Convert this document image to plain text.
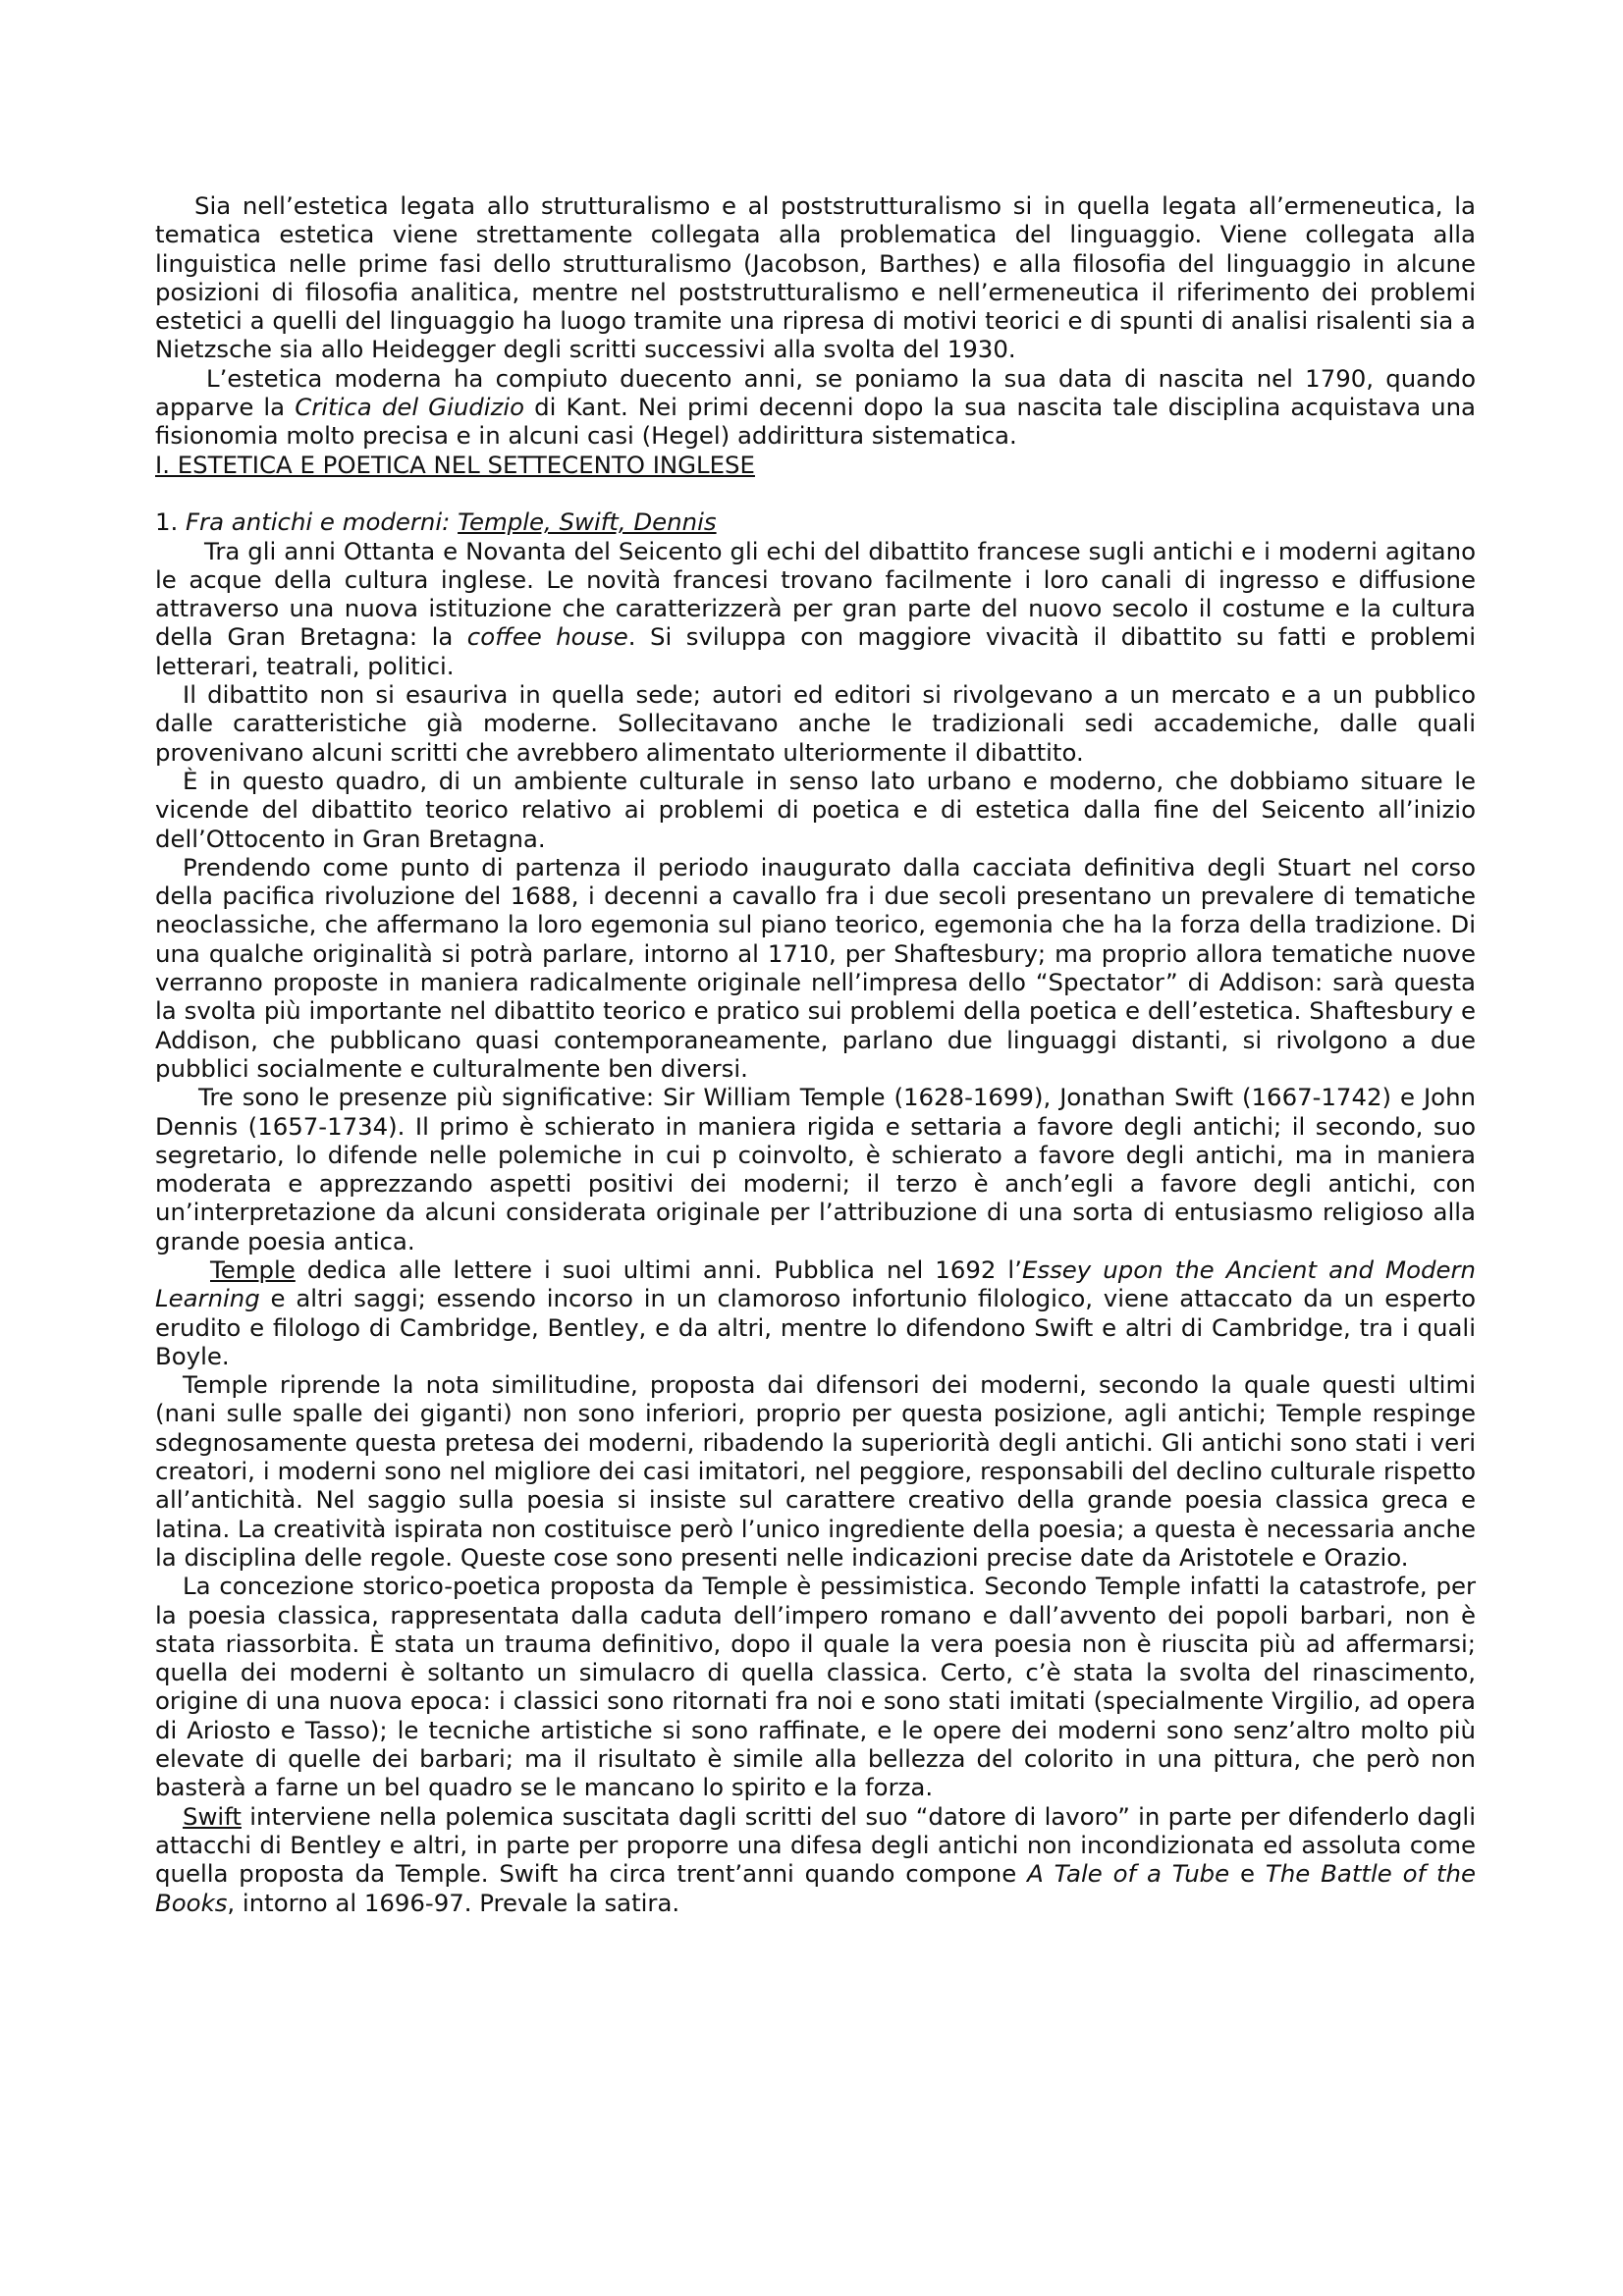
Sia nell’estetica legata allo strutturalismo e al poststrutturalismo si in quella legata all’ermeneutica, la tematica estetica viene strettamente collegata alla problematica del linguaggio. Viene collegata alla linguistica nelle prime fasi dello strutturalismo (Jacobson, Barthes) e alla filosofia del linguaggio in alcune posizioni di filosofia analitica, mentre nel poststrutturalismo e nell’ermeneutica il riferimento dei problemi estetici a quelli del linguaggio ha luogo tramite una ripresa di motivi teorici e di spunti di analisi risalenti sia a Nietzsche sia allo Heidegger degli scritti successivi alla svolta del 1930.

L’estetica moderna ha compiuto duecento anni, se poniamo la sua data di nascita nel 1790, quando apparve la Critica del Giudizio di Kant. Nei primi decenni dopo la sua nascita tale disciplina acquistava una fisionomia molto precisa e in alcuni casi (Hegel) addirittura sistematica.

I. ESTETICA E POETICA NEL SETTECENTO INGLESE

1. Fra antichi e moderni: Temple, Swift, Dennis

Tra gli anni Ottanta e Novanta del Seicento gli echi del dibattito francese sugli antichi e i moderni agitano le acque della cultura inglese. Le novità francesi trovano facilmente i loro canali di ingresso e diffusione attraverso una nuova istituzione che caratterizzerà per gran parte del nuovo secolo il costume e la cultura della Gran Bretagna: la coffee house. Si sviluppa con maggiore vivacità il dibattito su fatti e problemi letterari, teatrali, politici.

Il dibattito non si esauriva in quella sede; autori ed editori si rivolgevano a un mercato e a un pubblico dalle caratteristiche già moderne. Sollecitavano anche le tradizionali sedi accademiche, dalle quali provenivano alcuni scritti che avrebbero alimentato ulteriormente il dibattito.

È in questo quadro, di un ambiente culturale in senso lato urbano e moderno, che dobbiamo situare le vicende del dibattito teorico relativo ai problemi di poetica e di estetica dalla fine del Seicento all’inizio dell’Ottocento in Gran Bretagna.

Prendendo come punto di partenza il periodo inaugurato dalla cacciata definitiva degli Stuart nel corso della pacifica rivoluzione del 1688, i decenni a cavallo fra i due secoli presentano un prevalere di tematiche neoclassiche, che affermano la loro egemonia sul piano teorico, egemonia che ha la forza della tradizione. Di una qualche originalità si potrà parlare, intorno al 1710, per Shaftesbury; ma proprio allora tematiche nuove verranno proposte in maniera radicalmente originale nell’impresa dello “Spectator” di Addison: sarà questa la svolta più importante nel dibattito teorico e pratico sui problemi della poetica e dell’estetica. Shaftesbury e Addison, che pubblicano quasi contemporaneamente, parlano due linguaggi distanti, si rivolgono a due pubblici socialmente e culturalmente ben diversi.

Tre sono le presenze più significative: Sir William Temple (1628-1699), Jonathan Swift (1667-1742) e John Dennis (1657-1734). Il primo è schierato in maniera rigida e settaria a favore degli antichi; il secondo, suo segretario, lo difende nelle polemiche in cui p coinvolto, è schierato a favore degli antichi, ma in maniera moderata e apprezzando aspetti positivi dei moderni; il terzo è anch’egli a favore degli antichi, con un’interpretazione da alcuni considerata originale per l’attribuzione di una sorta di entusiasmo religioso alla grande poesia antica.

Temple dedica alle lettere i suoi ultimi anni. Pubblica nel 1692 l’Essey upon the Ancient and Modern Learning e altri saggi; essendo incorso in un clamoroso infortunio filologico, viene attaccato da un esperto erudito e filologo di Cambridge, Bentley, e da altri, mentre lo difendono Swift e altri di Cambridge, tra i quali Boyle.

Temple riprende la nota similitudine, proposta dai difensori dei moderni, secondo la quale questi ultimi (nani sulle spalle dei giganti) non sono inferiori, proprio per questa posizione, agli antichi; Temple respinge sdegnosamente questa pretesa dei moderni, ribadendo la superiorità degli antichi. Gli antichi sono stati i veri creatori, i moderni sono nel migliore dei casi imitatori, nel peggiore, responsabili del declino culturale rispetto all’antichità. Nel saggio sulla poesia si insiste sul carattere creativo della grande poesia classica greca e latina. La creatività ispirata non costituisce però l’unico ingrediente della poesia; a questa è necessaria anche la disciplina delle regole. Queste cose sono presenti nelle indicazioni precise date da Aristotele e Orazio.

La concezione storico-poetica proposta da Temple è pessimistica. Secondo Temple infatti la catastrofe, per la poesia classica, rappresentata dalla caduta dell’impero romano e dall’avvento dei popoli barbari, non è stata riassorbita. È stata un trauma definitivo, dopo il quale la vera poesia non è riuscita più ad affermarsi; quella dei moderni è soltanto un simulacro di quella classica. Certo, c’è stata la svolta del rinascimento, origine di una nuova epoca: i classici sono ritornati fra noi e sono stati imitati (specialmente Virgilio, ad opera di Ariosto e Tasso); le tecniche artistiche si sono raffinate, e le opere dei moderni sono senz’altro molto più elevate di quelle dei barbari; ma il risultato è simile alla bellezza del colorito in una pittura, che però non basterà a farne un bel quadro se le mancano lo spirito e la forza.

Swift interviene nella polemica suscitata dagli scritti del suo “datore di lavoro” in parte per difenderlo dagli attacchi di Bentley e altri, in parte per proporre una difesa degli antichi non incondizionata ed assoluta come quella proposta da Temple. Swift ha circa trent’anni quando compone A Tale of a Tube e The Battle of the Books, intorno al 1696-97. Prevale la satira.
